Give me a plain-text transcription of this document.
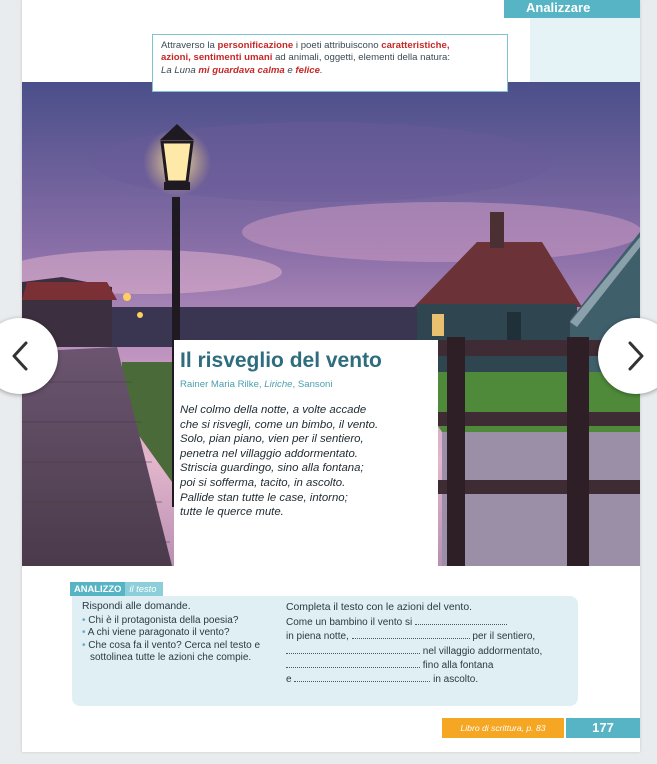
Analizzare
Attraverso la personificazione i poeti attribuiscono caratteristiche,
azioni, sentimenti umani ad animali, oggetti, elementi della natura:
La Luna mi guardava calma e felice.
Il risveglio del vento
Rainer Maria Rilke, Liriche, Sansoni
Nel colmo della notte, a volte accade
che si risvegli, come un bimbo, il vento.
Solo, pian piano, vien per il sentiero,
penetra nel villaggio addormentato.
Striscia guardingo, sino alla fontana;
poi si sofferma, tacito, in ascolto.
Pallide stan tutte le case, intorno;
tutte le querce mute.
ANALIZZO il testo
Rispondi alle domande.
• Chi è il protagonista della poesia?
• A chi viene paragonato il vento?
• Che cosa fa il vento? Cerca nel testo e sottolinea tutte le azioni che compie.
Completa il testo con le azioni del vento.
Come un bambino il vento si
in piena notte,	per il sentiero,
nel villaggio addormentato,
fino alla fontana
e	in ascolto.
Libro di scrittura, p. 83	177
